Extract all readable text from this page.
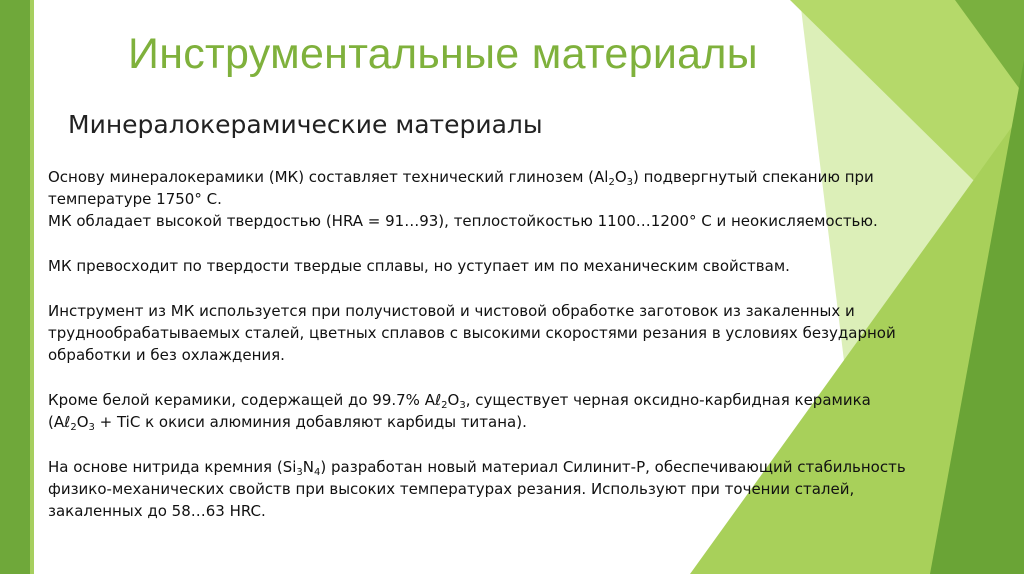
Инструментальные материалы
Минералокерамические материалы

Основу минералокерамики (МК) составляет технический глинозем $(Al_2O_3)$ подвергнутый спеканию при

температуре 1750° С.

МК обладает высокой твердостью (HRA = 91…93), теплостойкостью 1100…1200° С и неокисляемостью.

МК превосходит по твердости твердые сплавы, но уступает им по механическим свойствам.

Инструмент из МК используется при получистовой и чистовой обработке заготовок из закаленных и

труднообрабатываемых сталей, цветных сплавов с высокими скоростями резания в условиях безударной

обработки и без охлаждения.

Кроме белой керамики, содержащей до 99.7% $A\ell_2O_3$, существует черная оксидно-карбидная керамика

($A\ell_2O_3$ + TiC к окиси алюминия добавляют карбиды титана).

На основе нитрида кремния $(Si_3N_4)$ разработан новый материал Силинит-Р, обеспечивающий стабильность

физико-механических свойств при высоких температурах резания. Используют при точении сталей,

закаленных до 58…63 HRC.
